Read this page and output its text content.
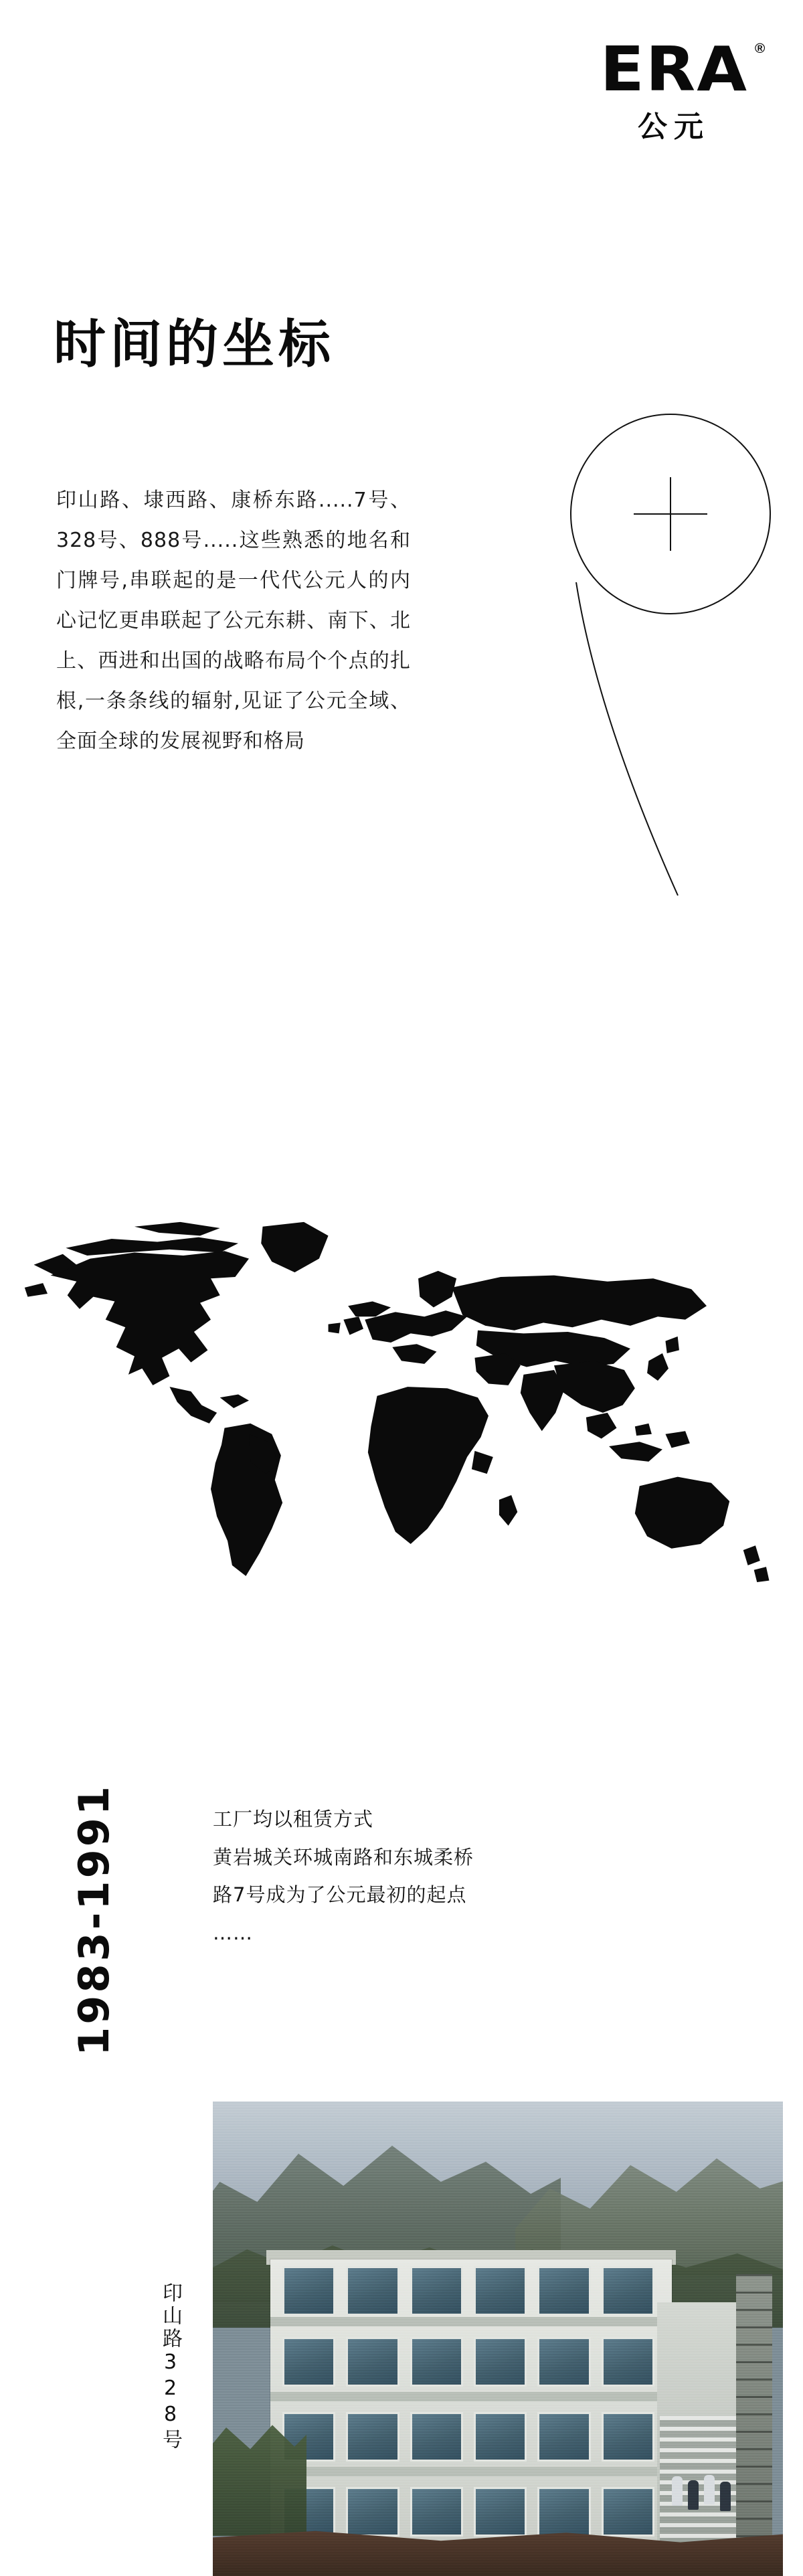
ERA ®
公元
时间的坐标
印山路、埭西路、康桥东路.....7号、328号、888号.....这些熟悉的地名和门牌号,串联起的是一代代公元人的内心记忆更串联起了公元东耕、南下、北上、西进和出国的战略布局个个点的扎根,一条条线的辐射,见证了公元全域、全面全球的发展视野和格局
1983-1991	工厂均以租赁方式
黄岩城关环城南路和东城柔桥
路7号成为了公元最初的起点
……
印山路328号
